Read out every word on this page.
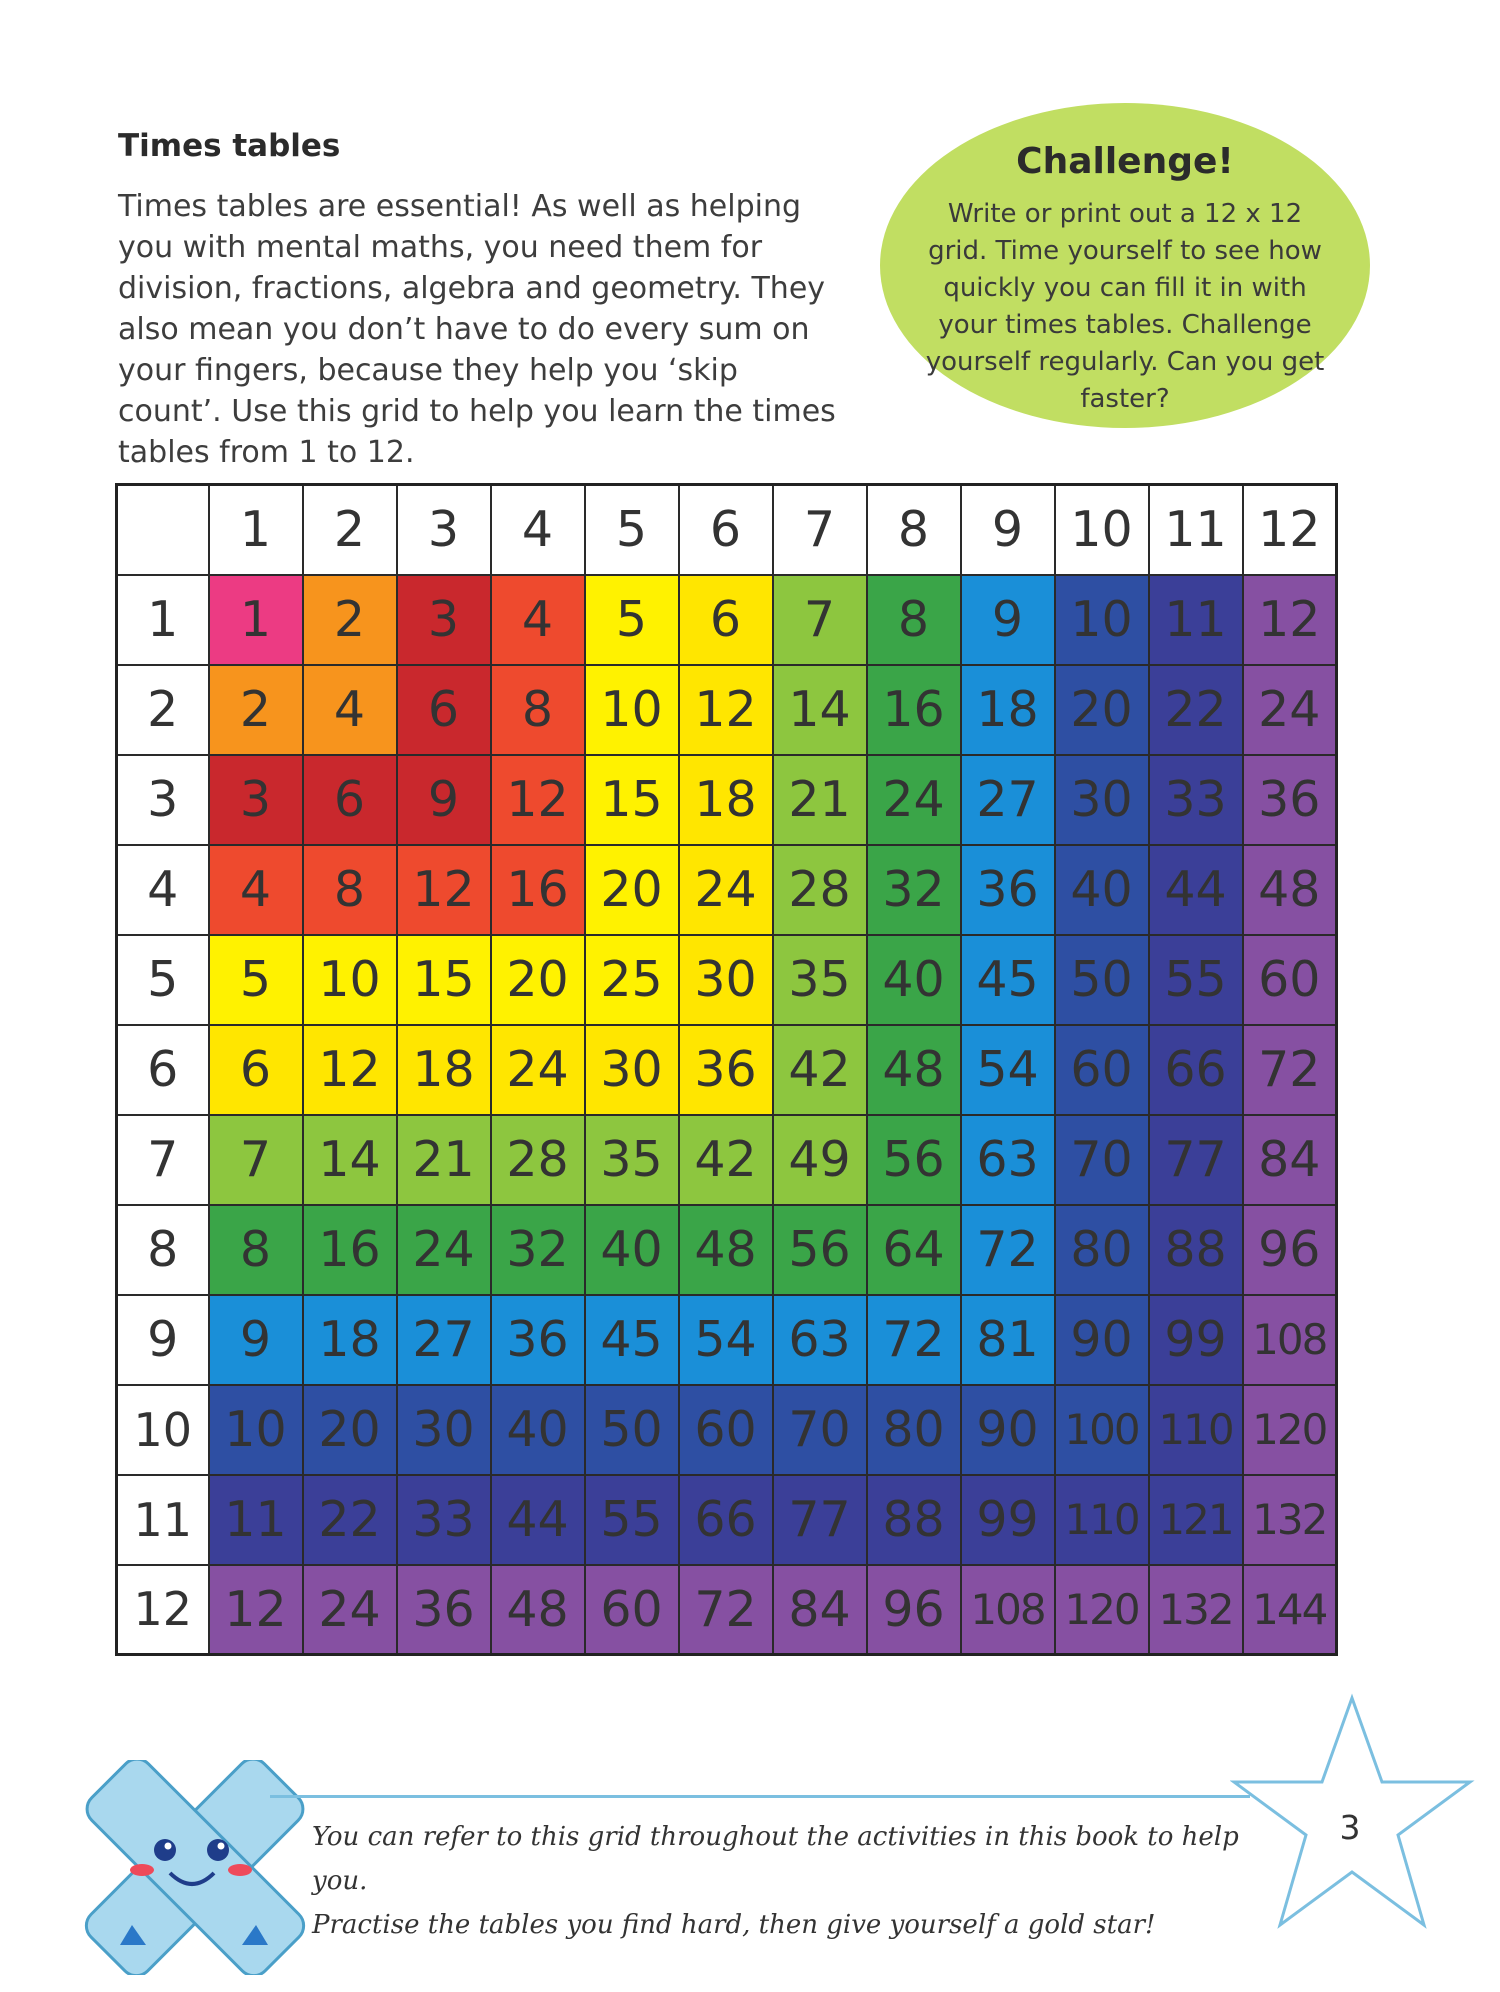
Times tables

Times tables are essential! As well as helping you with mental maths, you need them for division, fractions, algebra and geometry. They also mean you don’t have to do every sum on your fingers, because they help you ‘skip count’. Use this grid to help you learn the times tables from 1 to 12.

Challenge!

Write or print out a 12 x 12 grid. Time yourself to see how quickly you can fill it in with your times tables. Challenge yourself regularly. Can you get faster?

	1	2	3	4	5	6	7	8	9	10	11	12
1	1	2	3	4	5	6	7	8	9	10	11	12
2	2	4	6	8	10	12	14	16	18	20	22	24
3	3	6	9	12	15	18	21	24	27	30	33	36
4	4	8	12	16	20	24	28	32	36	40	44	48
5	5	10	15	20	25	30	35	40	45	50	55	60
6	6	12	18	24	30	36	42	48	54	60	66	72
7	7	14	21	28	35	42	49	56	63	70	77	84
8	8	16	24	32	40	48	56	64	72	80	88	96
9	9	18	27	36	45	54	63	72	81	90	99	108
10	10	20	30	40	50	60	70	80	90	100	110	120
11	11	22	33	44	55	66	77	88	99	110	121	132
12	12	24	36	48	60	72	84	96	108	120	132	144
You can refer to this grid throughout the activities in this book to help you.
Practise the tables you find hard, then give yourself a gold star!
3
